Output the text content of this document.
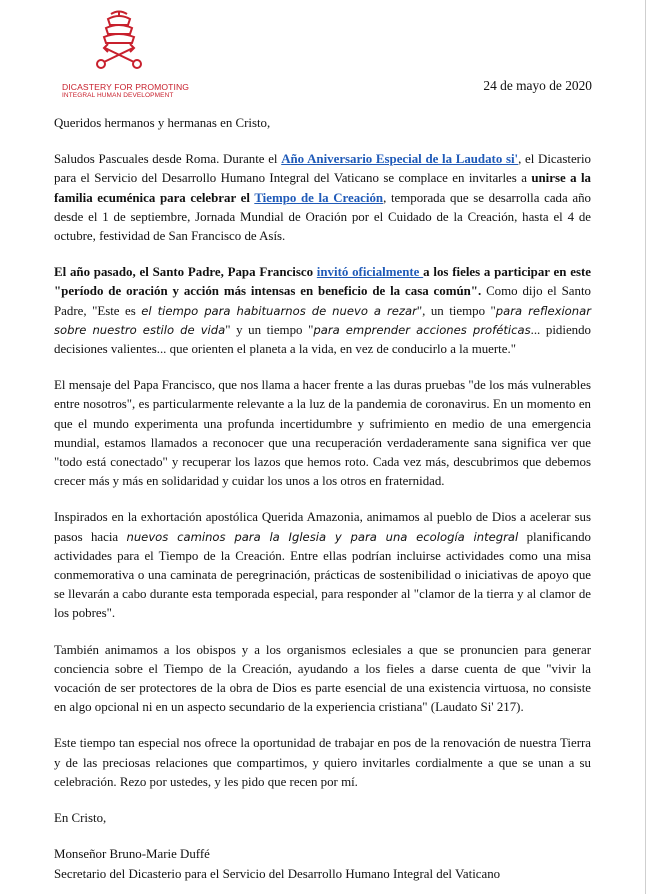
DICASTERY FOR PROMOTING
INTEGRAL HUMAN DEVELOPMENT
24 de mayo de 2020

Queridos hermanos y hermanas en Cristo,

Saludos Pascuales desde Roma. Durante el Año Aniversario Especial de la Laudato si', el Dicasterio para el Servicio del Desarrollo Humano Integral del Vaticano se complace en invitarles a unirse a la familia ecuménica para celebrar el Tiempo de la Creación, temporada que se desarrolla cada año desde el 1 de septiembre, Jornada Mundial de Oración por el Cuidado de la Creación, hasta el 4 de octubre, festividad de San Francisco de Asís.

El año pasado, el Santo Padre, Papa Francisco invitó oficialmente a los fieles a participar en este "período de oración y acción más intensas en beneficio de la casa común". Como dijo el Santo Padre, "Este es el tiempo para habituarnos de nuevo a rezar", un tiempo "para reflexionar sobre nuestro estilo de vida" y un tiempo "para emprender acciones proféticas... pidiendo decisiones valientes... que orienten el planeta a la vida, en vez de conducirlo a la muerte."

El mensaje del Papa Francisco, que nos llama a hacer frente a las duras pruebas "de los más vulnerables entre nosotros", es particularmente relevante a la luz de la pandemia de coronavirus. En un momento en que el mundo experimenta una profunda incertidumbre y sufrimiento en medio de una emergencia mundial, estamos llamados a reconocer que una recuperación verdaderamente sana significa ver que "todo está conectado" y recuperar los lazos que hemos roto. Cada vez más, descubrimos que debemos crecer más y más en solidaridad y cuidar los unos a los otros en fraternidad.

Inspirados en la exhortación apostólica Querida Amazonia, animamos al pueblo de Dios a acelerar sus pasos hacia nuevos caminos para la Iglesia y para una ecología integral planificando actividades para el Tiempo de la Creación. Entre ellas podrían incluirse actividades como una misa conmemorativa o una caminata de peregrinación, prácticas de sostenibilidad o iniciativas de apoyo que se llevarán a cabo durante esta temporada especial, para responder al "clamor de la tierra y al clamor de los pobres".

También animamos a los obispos y a los organismos eclesiales a que se pronuncien para generar conciencia sobre el Tiempo de la Creación, ayudando a los fieles a darse cuenta de que "vivir la vocación de ser protectores de la obra de Dios es parte esencial de una existencia virtuosa, no consiste en algo opcional ni en un aspecto secundario de la experiencia cristiana" (Laudato Si' 217).

Este tiempo tan especial nos ofrece la oportunidad de trabajar en pos de la renovación de nuestra Tierra y de las preciosas relaciones que compartimos, y quiero invitarles cordialmente a que se unan a su celebración. Rezo por ustedes, y les pido que recen por mí.

En Cristo,

Monseñor Bruno-Marie Duffé
Secretario del Dicasterio para el Servicio del Desarrollo Humano Integral del Vaticano
